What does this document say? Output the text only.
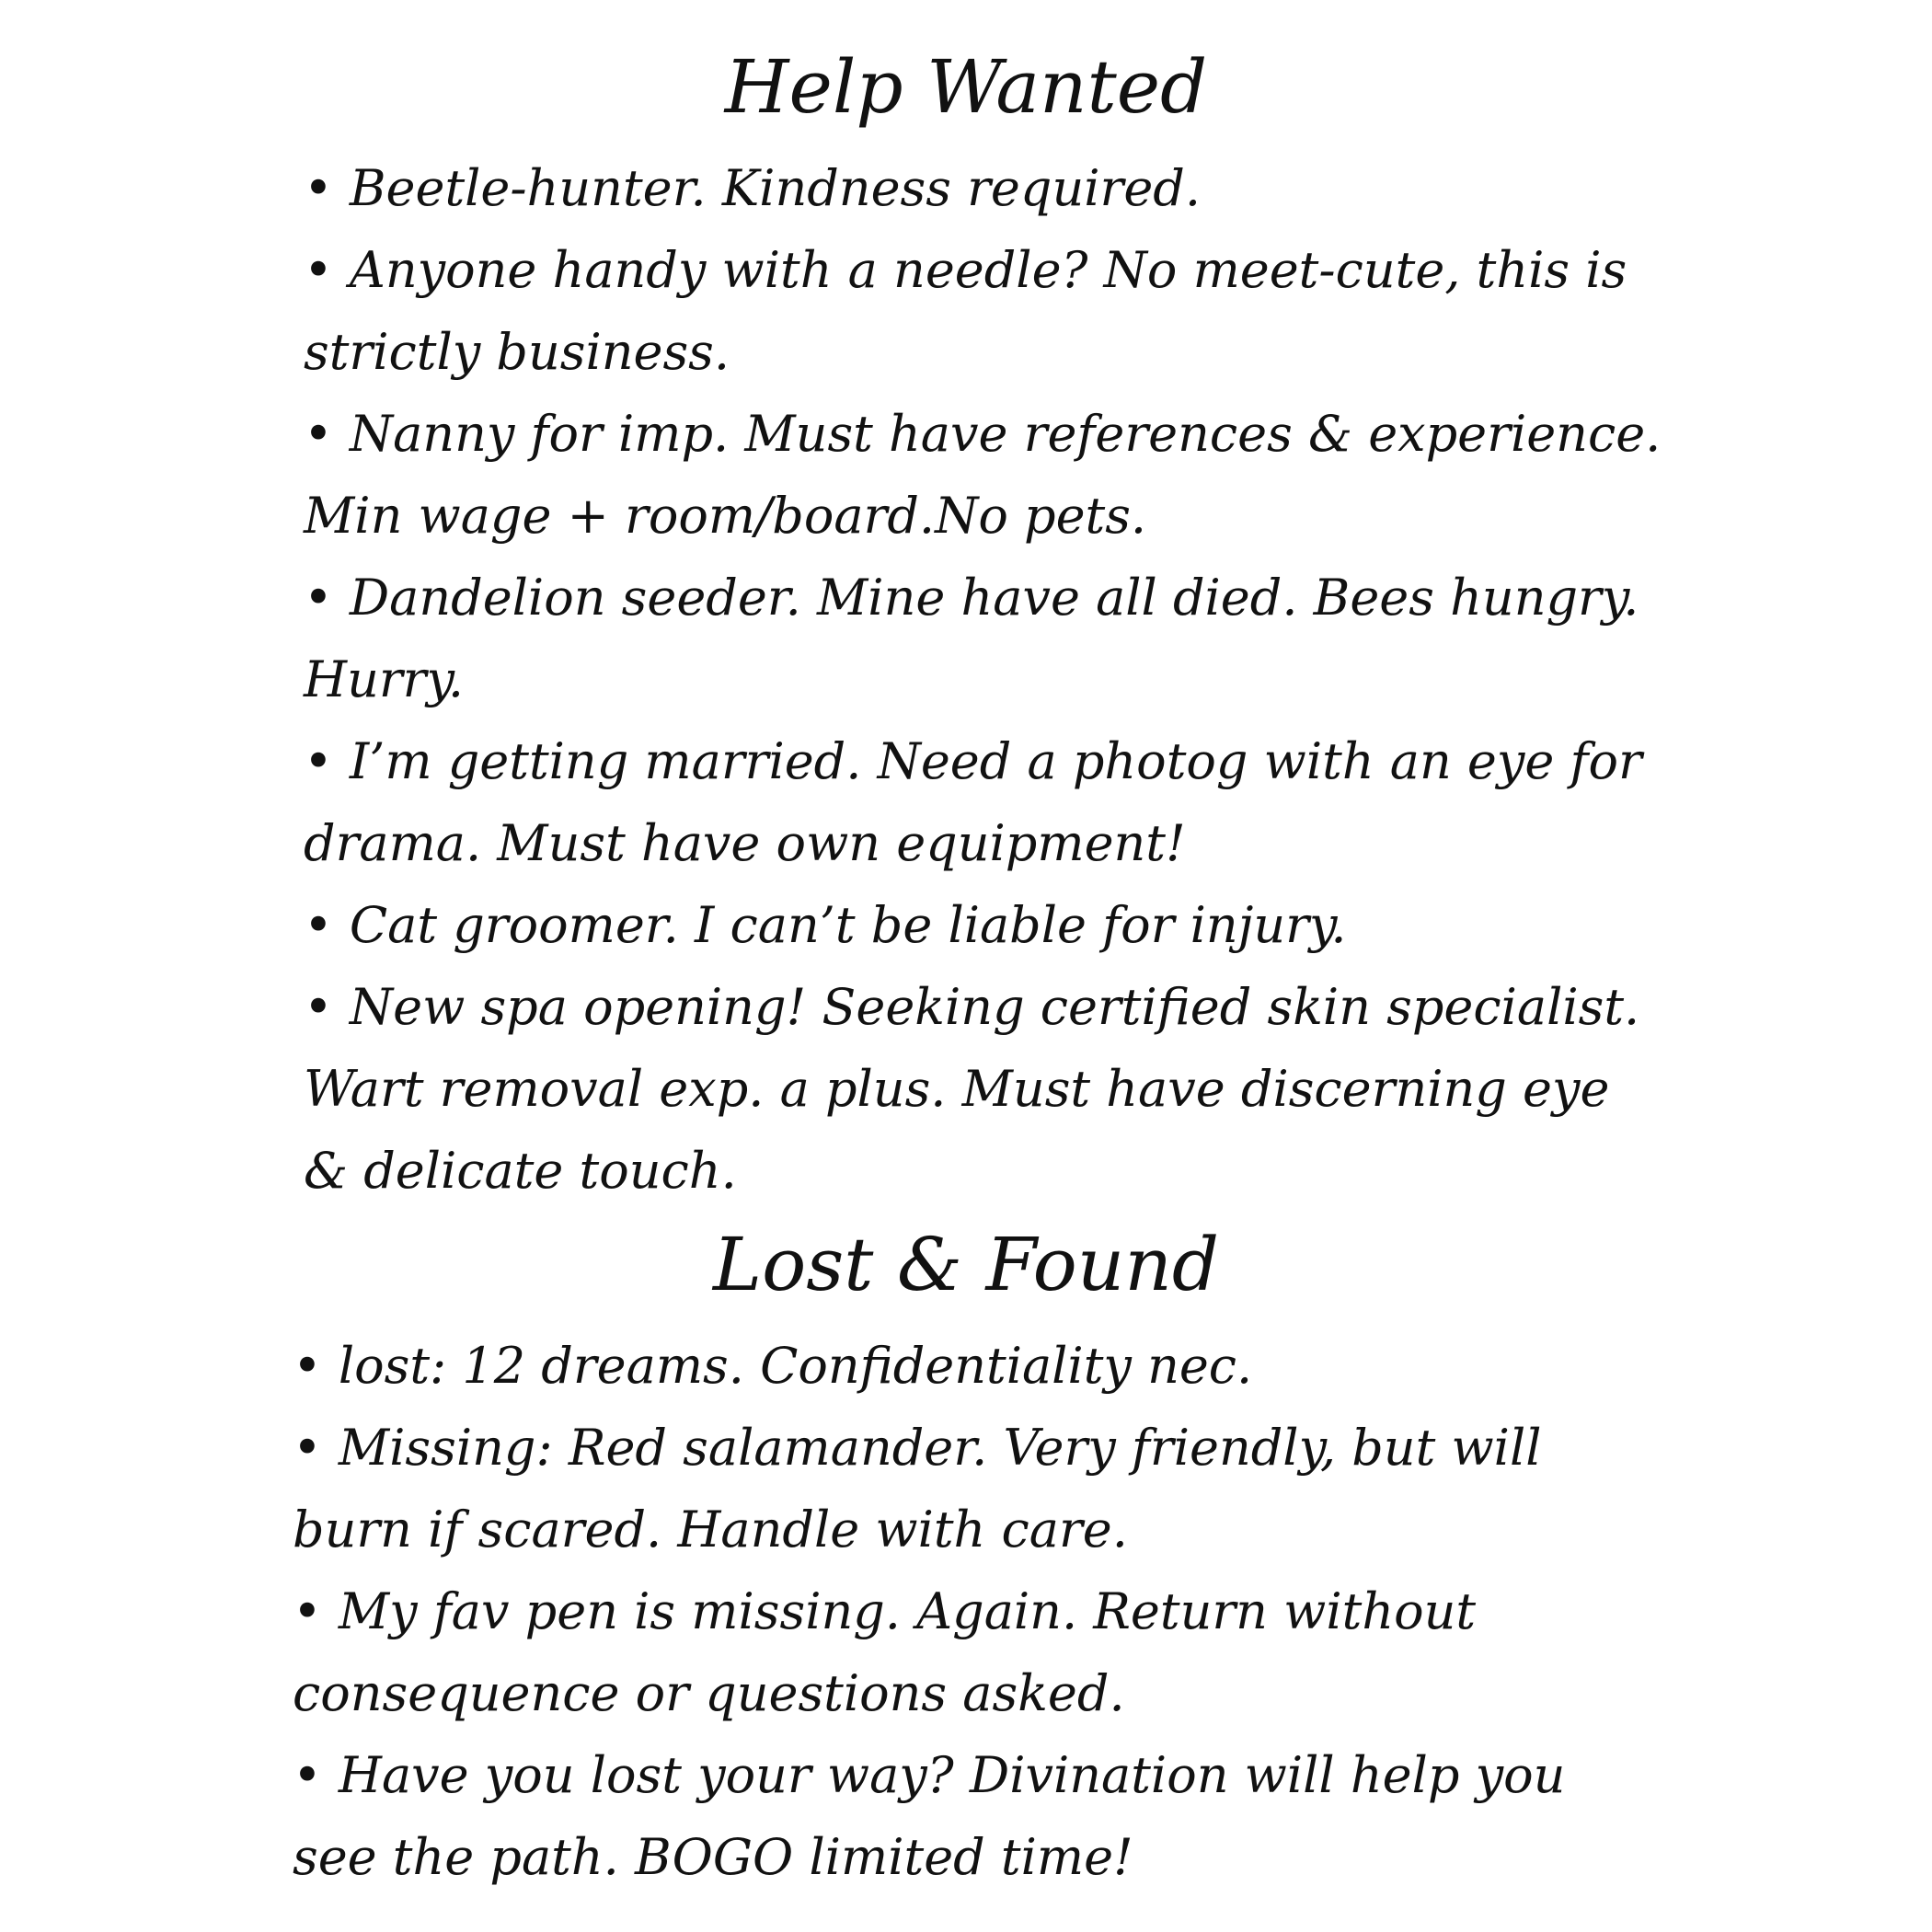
Help Wanted
• Beetle-hunter. Kindness required.
• Anyone handy with a needle? No meet-cute, this is strictly business.
• Nanny for imp. Must have references & experience. Min wage + room/board.No pets.
• Dandelion seeder. Mine have all died. Bees hungry. Hurry.
• I’m getting married. Need a photog with an eye for drama. Must have own equipment!
• Cat groomer. I can’t be liable for injury.
• New spa opening! Seeking certified skin specialist. Wart removal exp. a plus. Must have discerning eye & delicate touch.
Lost & Found
• lost: 12 dreams. Confidentiality nec.
• Missing: Red salamander. Very friendly, but will burn if scared. Handle with care.
• My fav pen is missing. Again. Return without consequence or questions asked.
• Have you lost your way? Divination will help you see the path. BOGO limited time!
